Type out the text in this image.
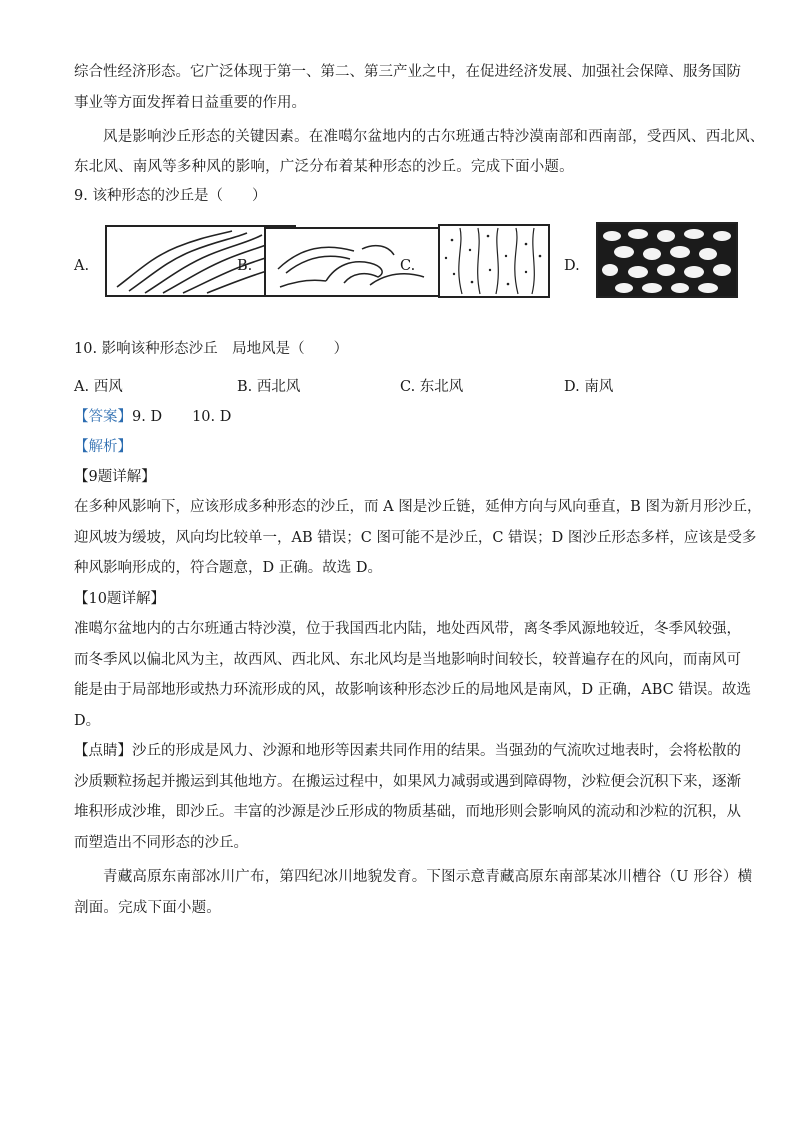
综合性经济形态。它广泛体现于第一、第二、第三产业之中，在促进经济发展、加强社会保障、服务国防
事业等方面发挥着日益重要的作用。
风是影响沙丘形态的关键因素。在准噶尔盆地内的古尔班通古特沙漠南部和西南部，受西风、西北风、
东北风、南风等多种风的影响，广泛分布着某种形态的沙丘。完成下面小题。
9. 该种形态的沙丘是（　　）
A.	B.	C.	D.
10. 影响该种形态沙丘　局地风是（　　）
A. 西风	B. 西北风	C. 东北风	D. 南风
【答案】9. D 10. D
【解析】
【9题详解】
在多种风影响下，应该形成多种形态的沙丘，而 A 图是沙丘链，延伸方向与风向垂直，B 图为新月形沙丘，
迎风坡为缓坡，风向均比较单一，AB 错误；C 图可能不是沙丘，C 错误；D 图沙丘形态多样，应该是受多
种风影响形成的，符合题意，D 正确。故选 D。
【10题详解】
准噶尔盆地内的古尔班通古特沙漠，位于我国西北内陆，地处西风带，离冬季风源地较近，冬季风较强，
而冬季风以偏北风为主，故西风、西北风、东北风均是当地影响时间较长，较普遍存在的风向，而南风可
能是由于局部地形或热力环流形成的风，故影响该种形态沙丘的局地风是南风，D 正确，ABC 错误。故选
D。
【点睛】沙丘的形成是风力、沙源和地形等因素共同作用的结果。当强劲的气流吹过地表时，会将松散的
沙质颗粒扬起并搬运到其他地方。在搬运过程中，如果风力减弱或遇到障碍物，沙粒便会沉积下来，逐渐
堆积形成沙堆，即沙丘。丰富的沙源是沙丘形成的物质基础，而地形则会影响风的流动和沙粒的沉积，从
而塑造出不同形态的沙丘。
青藏高原东南部冰川广布，第四纪冰川地貌发育。下图示意青藏高原东南部某冰川槽谷（U 形谷）横
剖面。完成下面小题。
